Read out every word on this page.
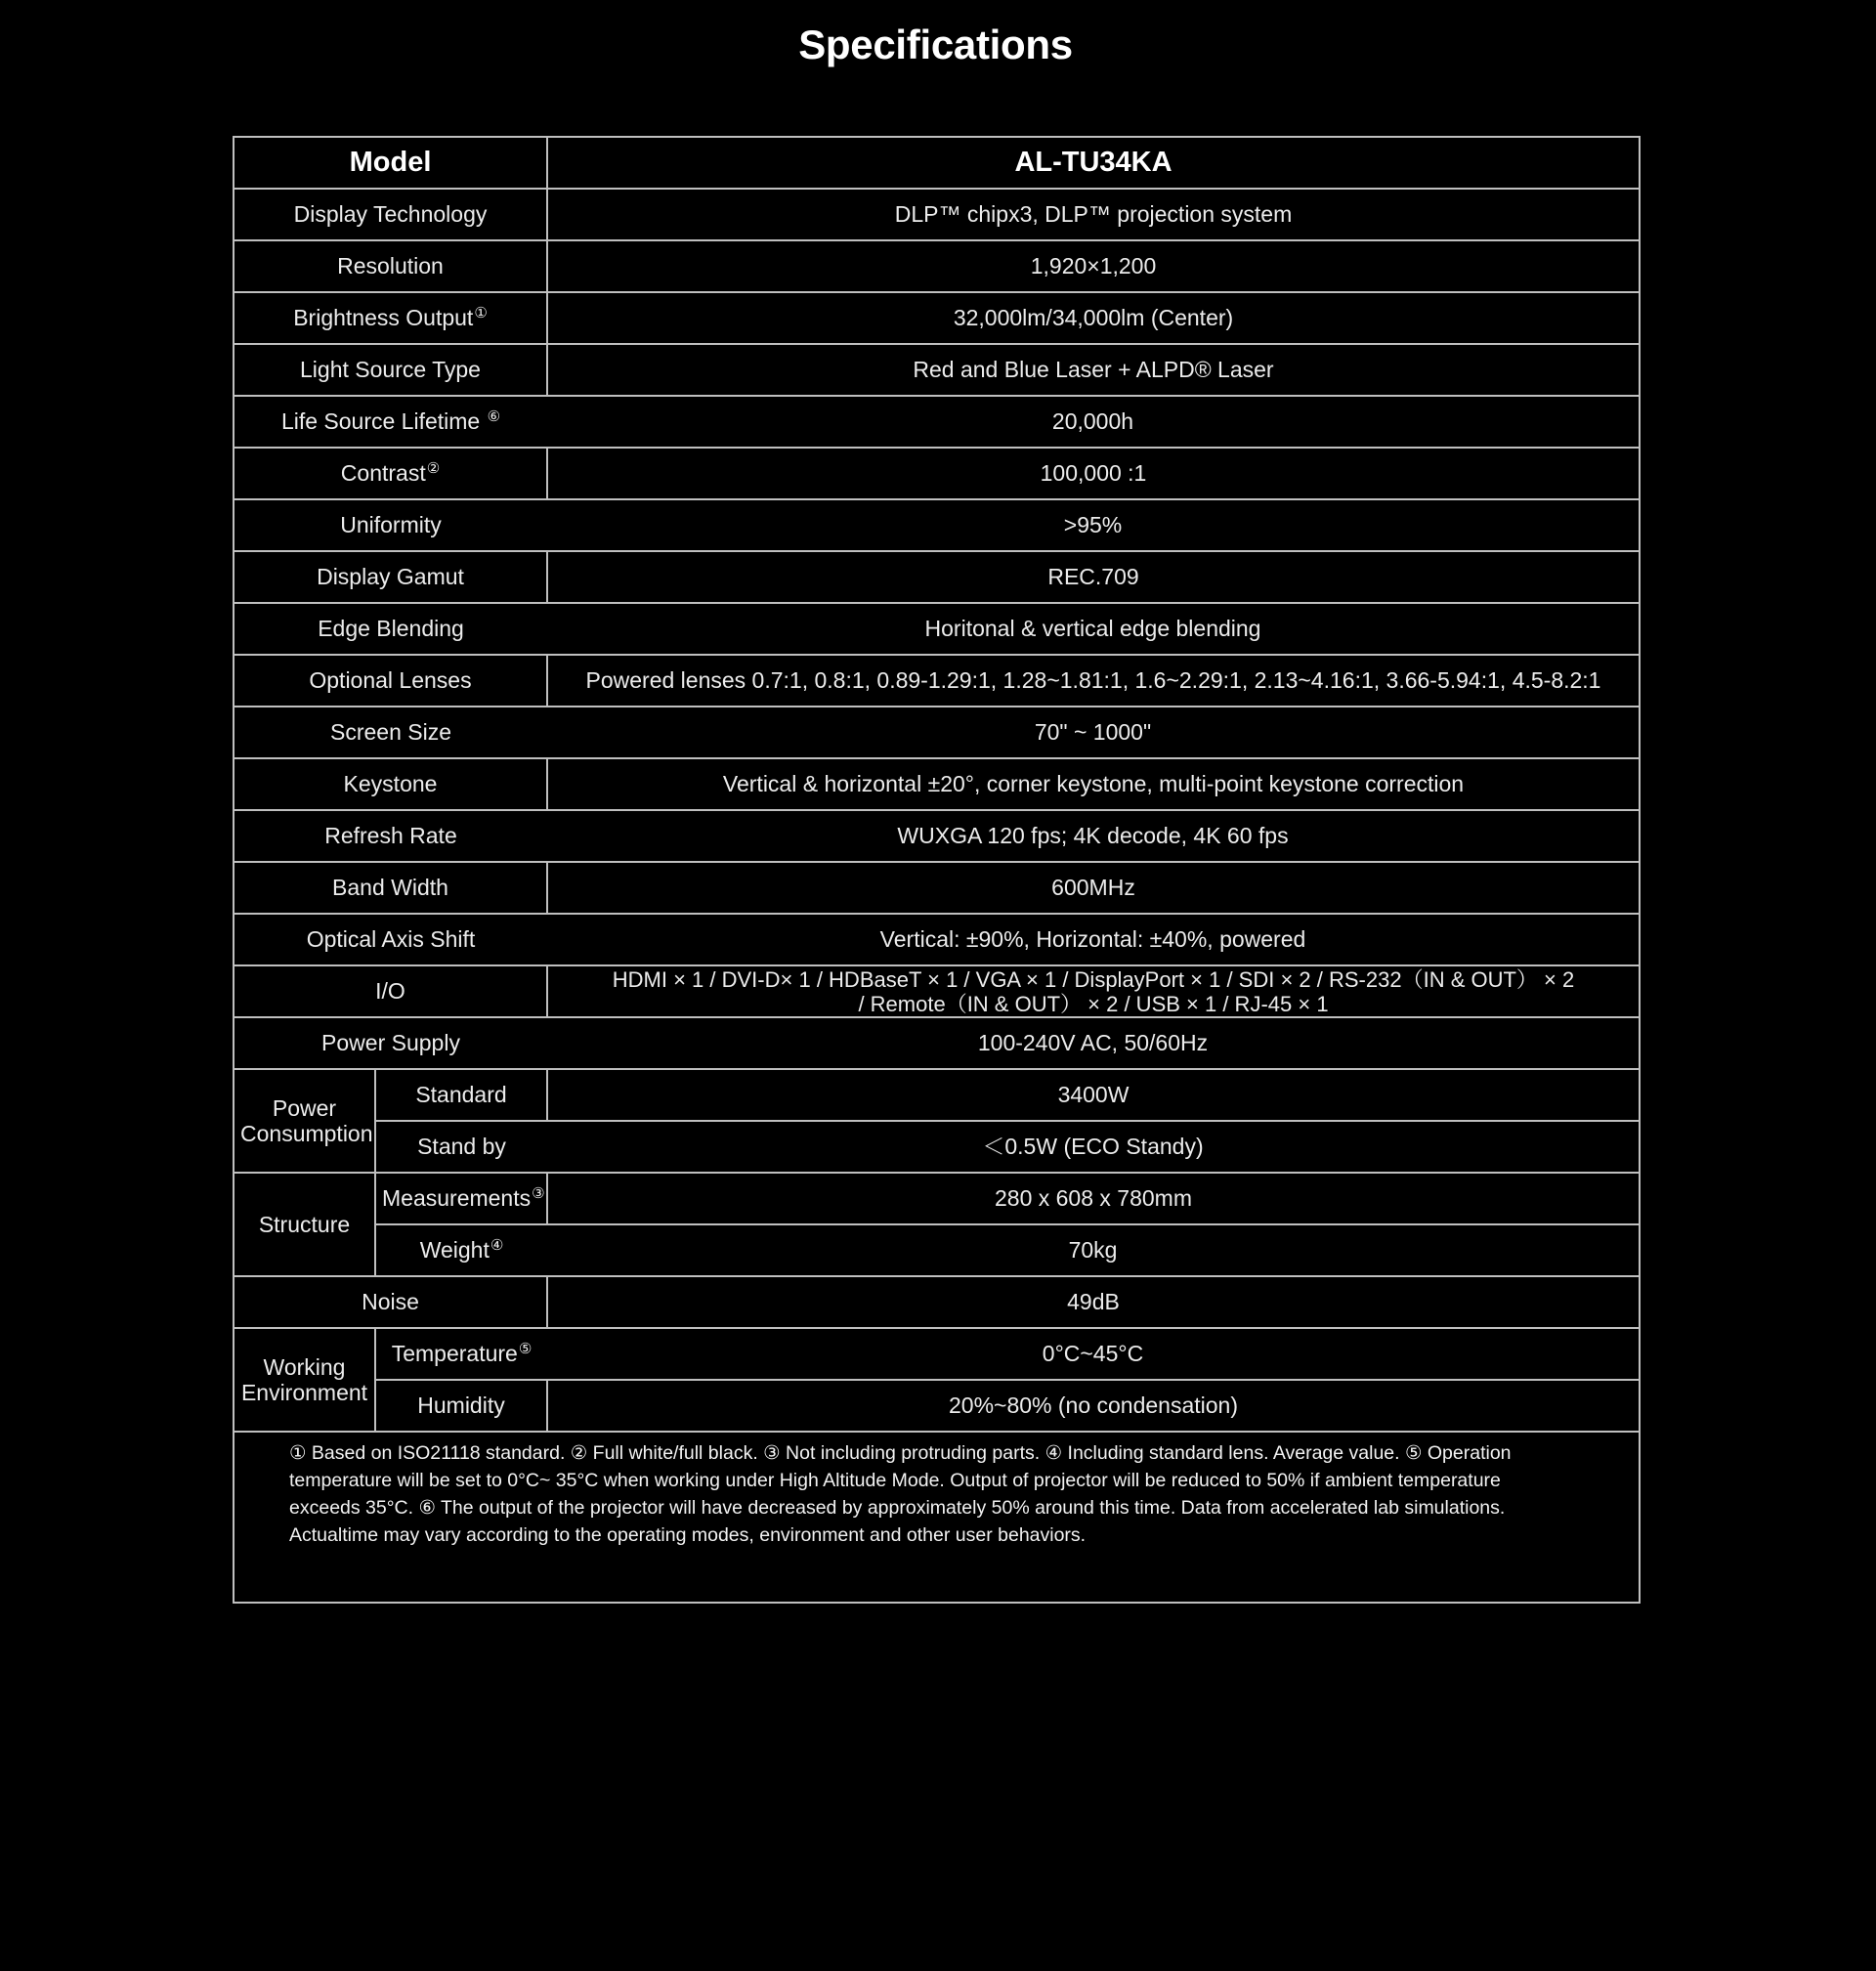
Specifications
Model		AL-TU34KA
Display Technology		DLP™ chipx3, DLP™ projection system
Resolution		1,920×1,200
Brightness Output①		32,000lm/34,000lm (Center)
Light Source Type		Red and Blue Laser + ALPD® Laser
Life Source Lifetime ⑥		20,000h
Contrast②		100,000 :1
Uniformity		>95%
Display Gamut		REC.709
Edge Blending		Horitonal & vertical edge blending
Optional Lenses		Powered lenses 0.7:1, 0.8:1, 0.89-1.29:1, 1.28~1.81:1, 1.6~2.29:1, 2.13~4.16:1, 3.66-5.94:1, 4.5-8.2:1
Screen Size		70" ~ 1000"
Keystone		Vertical & horizontal ±20°, corner keystone, multi-point keystone correction
Refresh Rate		WUXGA 120 fps; 4K decode, 4K 60 fps
Band Width		600MHz
Optical Axis Shift		Vertical: ±90%, Horizontal: ±40%, powered
I/O		HDMI × 1 / DVI-D× 1 / HDBaseT × 1 / VGA × 1 / DisplayPort × 1 / SDI × 2 / RS-232（IN & OUT） × 2
/ Remote（IN & OUT） × 2 / USB × 1 / RJ-45 × 1

Power Supply		100-240V AC, 50/60Hz

Power
Consumption	Standard	3400W
	Stand by	＜0.5W (ECO Standy)
Structure	Measurements③	280 x 608 x 780mm
	Weight④	70kg
Noise		49dB

Working
Environment	Temperature⑤	0°C~45°C
	Humidity	20%~80% (no condensation)
① Based on ISO21118 standard. ② Full white/full black. ③ Not including protruding parts. ④ Including standard lens. Average value. ⑤ Operation
temperature will be set to 0°C~ 35°C when working under High Altitude Mode. Output of projector will be reduced to 50% if ambient temperature
exceeds 35°C. ⑥ The output of the projector will have decreased by approximately 50% around this time. Data from accelerated lab simulations.
Actualtime may vary according to the operating modes, environment and other user behaviors.
